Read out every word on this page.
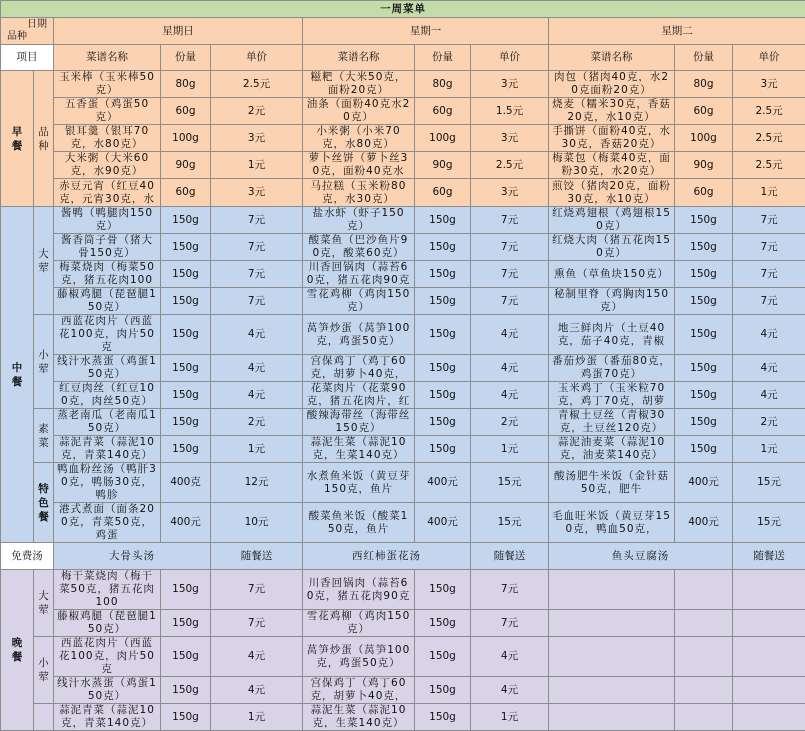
一周菜单										

日期
品种		星期日			星期一			星期二		
项目		菜谱名称	份量	单价	菜谱名称	份量	单价	菜谱名称	份量	单价
早餐	品种	玉米棒（玉米棒50克）	80g	2.5元	糍粑（大米50克，面粉20克）	80g	3元	肉包（猪肉40克，水20克面粉20克）	80g	3元
		五香蛋（鸡蛋50克）	60g	2元	油条（面粉40克水20克）	60g	1.5元	烧麦（糯米30克，香菇20克，水10克）	60g	2.5元
		银耳羹（银耳70克，水80克）	100g	3元	小米粥（小米70克，水80克）	100g	3元	手撕饼（面粉40克，水30克，香菇20克）	100g	2.5元
		大米粥（大米60克，水90克）	90g	1元	萝卜丝饼（萝卜丝30克，面粉40克水	90g	2.5元	梅菜包（梅菜40克，面粉30克，水20克）	90g	2.5元
		赤豆元宵（红豆40克，元宵30克，水	60g	3元	马拉糕（玉米粉80克，水30克）	60g	3元	煎饺（猪肉20克，面粉30克，水10克）	60g	1元
中餐	大荤	酱鸭（鸭腿肉150克）	150g	7元	盐水虾（虾子150克）	150g	7元	红烧鸡翅根（鸡翅根150克）	150g	7元
		酱香筒子骨（猪大骨150克）	150g	7元	酸菜鱼（巴沙鱼片90克，酸菜60克）	150g	7元	红烧大肉（猪五花肉150克）	150g	7元
		梅菜烧肉（梅菜50克，猪五花肉100	150g	7元	川香回锅肉（蒜苔60克，猪五花肉90克	150g	7元	熏鱼（草鱼块150克）	150g	7元
		藤椒鸡腿（琵琶腿150克）	150g	7元	雪花鸡柳（鸡肉150克）	150g	7元	秘制里脊（鸡胸肉150克）	150g	7元
	小荤	西蓝花肉片（西蓝花100克，肉片50克	150g	4元	莴笋炒蛋（莴笋100克，鸡蛋50克）	150g	4元	地三鲜肉片（土豆40克，茄子40克，青椒	150g	4元
		线汁水蒸蛋（鸡蛋150克）	150g	4元	宫保鸡丁（鸡丁60克，胡萝卜40克，	150g	4元	番茄炒蛋（番茄80克，鸡蛋70克）	150g	4元
		红豆肉丝（红豆100克，肉丝50克）	150g	4元	花菜肉片（花菜90克，猪五花肉片，红	150g	4元	玉米鸡丁（玉米粒70克，鸡丁70克，胡萝	150g	4元
	素菜	蒸老南瓜（老南瓜150克）	150g	2元	酸辣海带丝（海带丝150克）	150g	2元	青椒土豆丝（青椒30克，土豆丝120克）	150g	2元
		蒜泥青菜（蒜泥10克，青菜140克）	150g	1元	蒜泥生菜（蒜泥10克，生菜140克）	150g	1元	蒜泥油麦菜（蒜泥10克，油麦菜140克）	150g	1元
	特色餐	鸭血粉丝汤（鸭肝30克，鸭肠30克，鸭胗	400克	12元	水煮鱼米饭（黄豆芽150克，鱼片	400元	15元	酸汤肥牛米饭（金针菇50克，肥牛	400元	15元
		港式煮面（面条200克，青菜50克，鸡蛋	400元	10元	酸菜鱼米饭（酸菜150克，鱼片	400元	15元	毛血旺米饭（黄豆芽150克，鸭血50克，	400元	15元
免费汤		大骨头汤		随餐送	西红柿蛋花汤		随餐送	鱼头豆腐汤		随餐送
晚餐	大荤	梅干菜烧肉（梅干菜50克，猪五花肉100	150g	7元	川香回锅肉（蒜苔60克，猪五花肉90克	150g	7元			
		藤椒鸡腿（琵琶腿150克）	150g	7元	雪花鸡柳（鸡肉150克）	150g	7元			
	小荤	西蓝花肉片（西蓝花100克，肉片50克	150g	4元	莴笋炒蛋（莴笋100克，鸡蛋50克）	150g	4元			
		线汁水蒸蛋（鸡蛋150克）	150g	4元	宫保鸡丁（鸡丁60克，胡萝卜40克，	150g	4元			
		蒜泥青菜（蒜泥10克，青菜140克）	150g	1元	蒜泥生菜（蒜泥10克，生菜140克）	150g	1元			
